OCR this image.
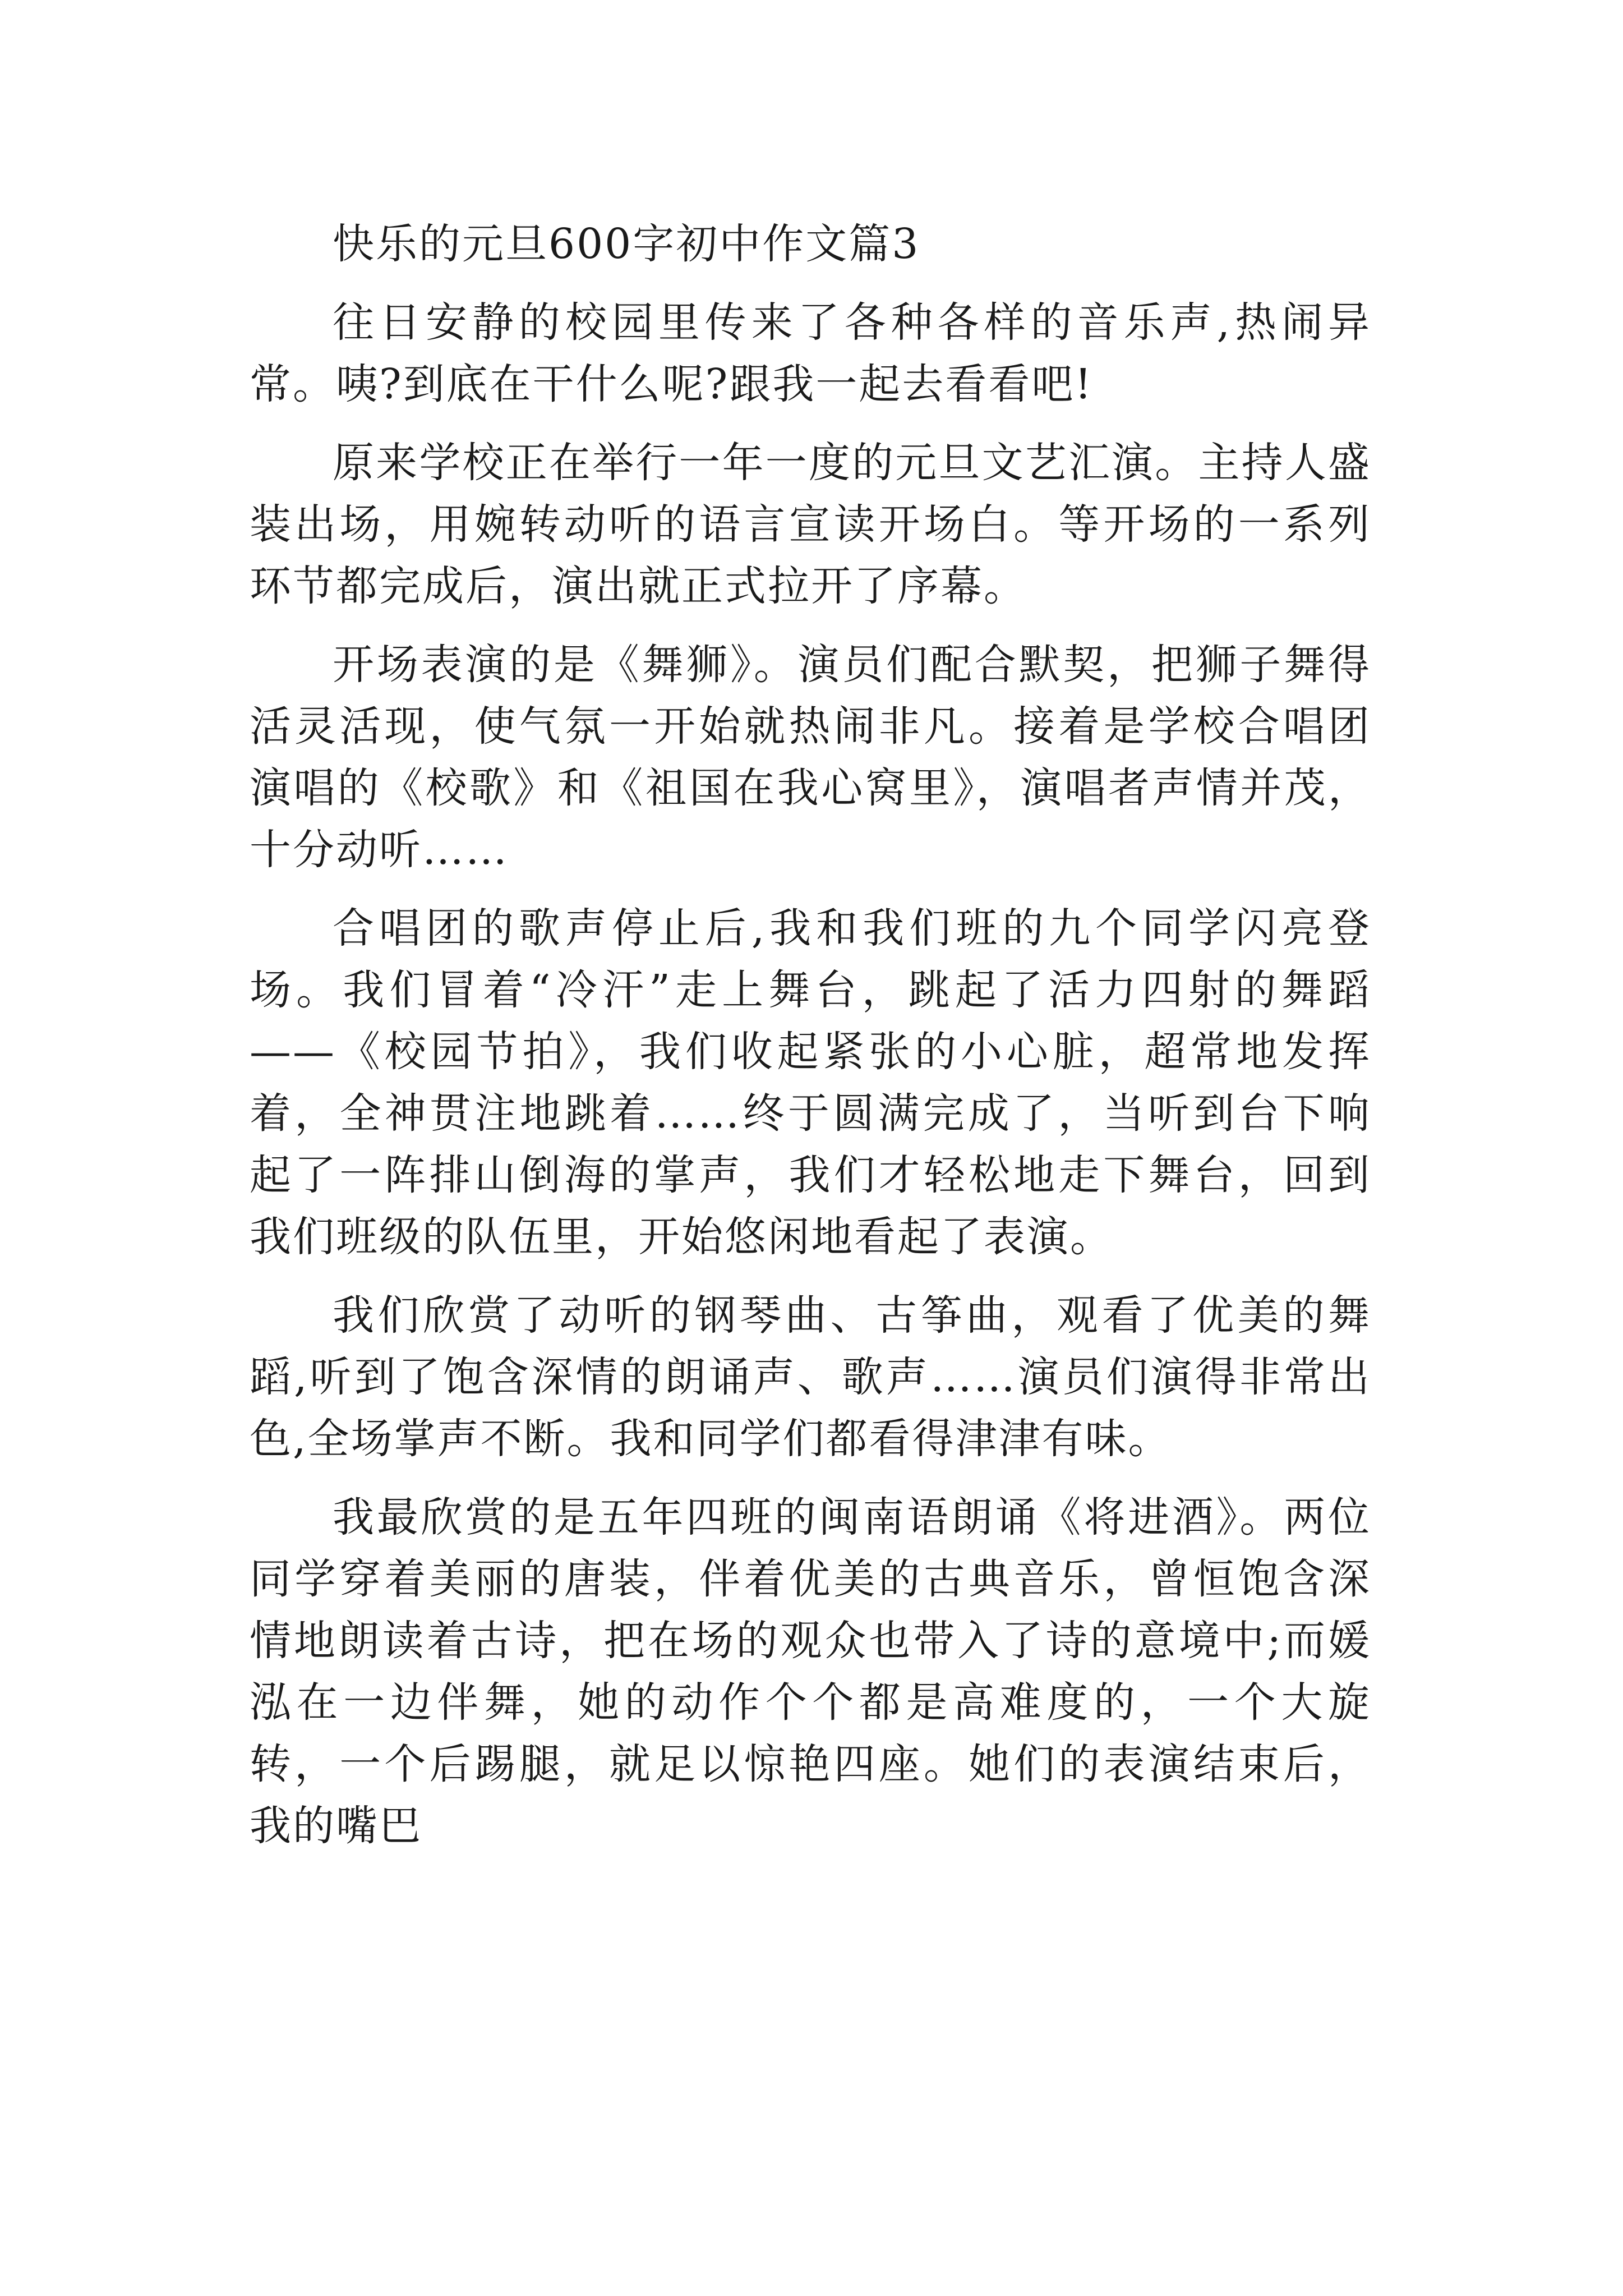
快乐的元旦600字初中作文篇3

往日安静的校园里传来了各种各样的音乐声,热闹异常。咦?到底在干什么呢?跟我一起去看看吧!

原来学校正在举行一年一度的元旦文艺汇演。主持人盛装出场，用婉转动听的语言宣读开场白。等开场的一系列环节都完成后，演出就正式拉开了序幕。

开场表演的是《舞狮》。演员们配合默契，把狮子舞得活灵活现，使气氛一开始就热闹非凡。接着是学校合唱团演唱的《校歌》和《祖国在我心窝里》，演唱者声情并茂，十分动听……

合唱团的歌声停止后,我和我们班的九个同学闪亮登场。我们冒着“冷汗”走上舞台，跳起了活力四射的舞蹈——《校园节拍》，我们收起紧张的小心脏，超常地发挥着，全神贯注地跳着……终于圆满完成了，当听到台下响起了一阵排山倒海的掌声，我们才轻松地走下舞台，回到我们班级的队伍里，开始悠闲地看起了表演。

我们欣赏了动听的钢琴曲、古筝曲，观看了优美的舞蹈,听到了饱含深情的朗诵声、歌声……演员们演得非常出色,全场掌声不断。我和同学们都看得津津有味。

我最欣赏的是五年四班的闽南语朗诵《将进酒》。两位同学穿着美丽的唐装，伴着优美的古典音乐，曾恒饱含深情地朗读着古诗，把在场的观众也带入了诗的意境中;而媛泓在一边伴舞，她的动作个个都是高难度的，一个大旋转，一个后踢腿，就足以惊艳四座。她们的表演结束后，我的嘴巴
